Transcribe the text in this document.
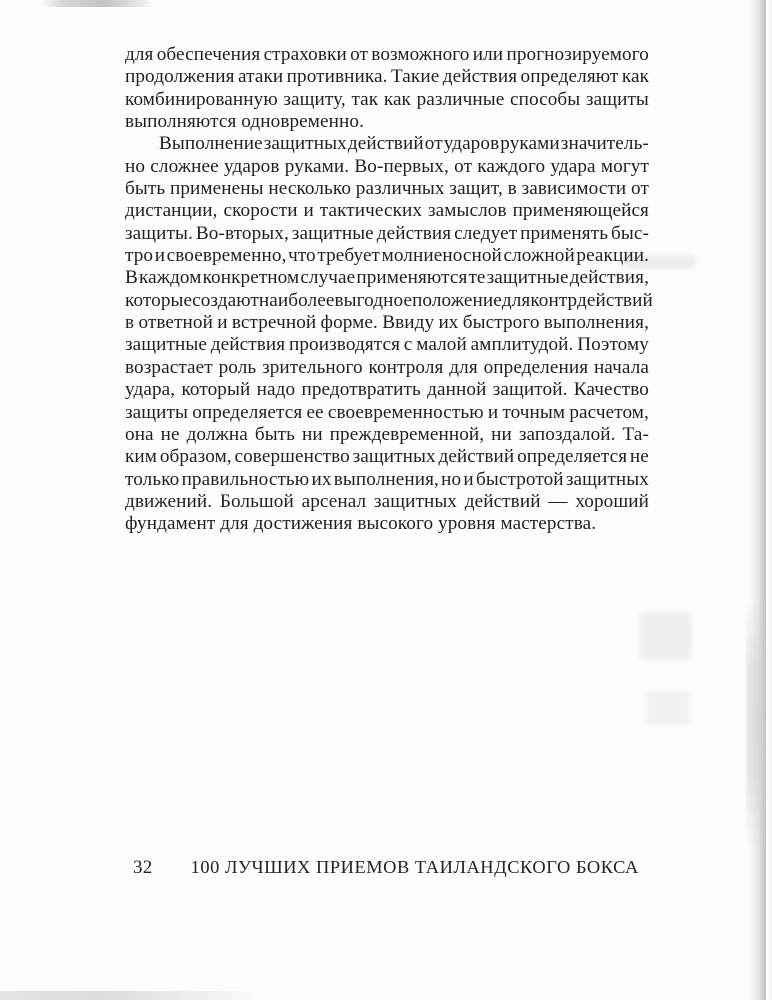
для обеспечения страховки от возможного или прогнозируемого
продолжения атаки противника. Такие действия определяют как
комбинированную защиту, так как различные способы защиты
выполняются одновременно.
Выполнение защитных действий от ударов руками значитель-
но сложнее ударов руками. Во-первых, от каждого удара могут
быть применены несколько различных защит, в зависимости от
дистанции, скорости и тактических замыслов применяющейся
защиты. Во-вторых, защитные действия следует применять быс-
тро и своевременно, что требует молниеносной сложной реакции.
В каждом конкретном случае применяются те защитные действия,
которые создают наиболее выгодное положение для контрдействий
в ответной и встречной форме. Ввиду их быстрого выполнения,
защитные действия производятся с малой амплитудой. Поэтому
возрастает роль зрительного контроля для определения начала
удара, который надо предотвратить данной защитой. Качество
защиты определяется ее своевременностью и точным расчетом,
она не должна быть ни преждевременной, ни запоздалой. Та-
ким образом, совершенство защитных действий определяется не
только правильностью их выполнения, но и быстротой защитных
движений. Большой арсенал защитных действий — хороший
фундамент для достижения высокого уровня мастерства.
32 100 ЛУЧШИХ ПРИЕМОВ ТАИЛАНДСКОГО БОКСА
